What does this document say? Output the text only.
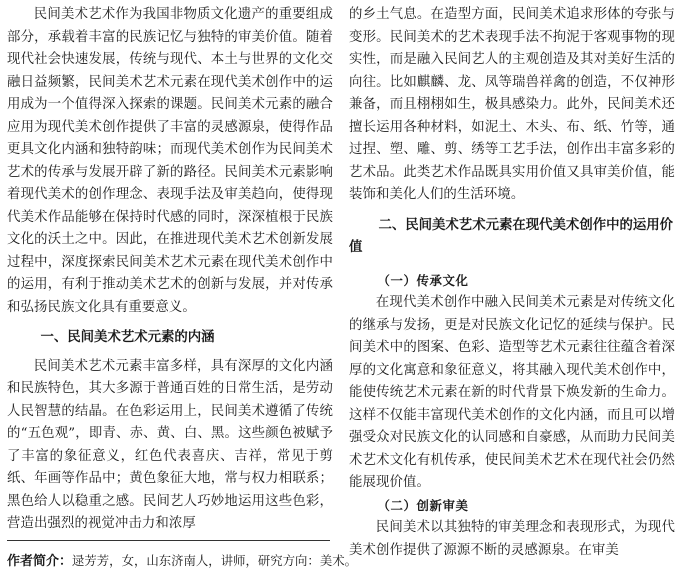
民间美术艺术作为我国非物质文化遗产的重要组成部分，承载着丰富的民族记忆与独特的审美价值。随着现代社会快速发展，传统与现代、本土与世界的文化交融日益频繁，民间美术艺术元素在现代美术创作中的运用成为一个值得深入探索的课题。民间美术元素的融合应用为现代美术创作提供了丰富的灵感源泉，使得作品更具文化内涵和独特韵味；而现代美术创作为民间美术艺术的传承与发展开辟了新的路径。民间美术元素影响着现代美术的创作理念、表现手法及审美趋向，使得现代美术作品能够在保持时代感的同时，深深植根于民族文化的沃土之中。因此，在推进现代美术艺术创新发展过程中，深度探索民间美术艺术元素在现代美术创作中的运用，有利于推动美术艺术的创新与发展，并对传承和弘扬民族文化具有重要意义。

一、民间美术艺术元素的内涵

民间美术艺术元素丰富多样，具有深厚的文化内涵和民族特色，其大多源于普通百姓的日常生活，是劳动人民智慧的结晶。在色彩运用上，民间美术遵循了传统的“五色观”，即青、赤、黄、白、黑。这些颜色被赋予了丰富的象征意义，红色代表喜庆、吉祥，常见于剪纸、年画等作品中；黄色象征大地，常与权力相联系；黑色给人以稳重之感。民间艺人巧妙地运用这些色彩，营造出强烈的视觉冲击力和浓厚

的乡土气息。在造型方面，民间美术追求形体的夸张与变形。民间美术的艺术表现手法不拘泥于客观事物的现实性，而是融入民间艺人的主观创造及其对美好生活的向往。比如麒麟、龙、凤等瑞兽祥禽的创造，不仅神形兼备，而且栩栩如生，极具感染力。此外，民间美术还擅长运用各种材料，如泥土、木头、布、纸、竹等，通过捏、塑、雕、剪、绣等工艺手法，创作出丰富多彩的艺术品。此类艺术作品既具实用价值又具审美价值，能装饰和美化人们的生活环境。

二、民间美术艺术元素在现代美术创作中的运用价值
（一）传承文化

在现代美术创作中融入民间美术元素是对传统文化的继承与发扬，更是对民族文化记忆的延续与保护。民间美术中的图案、色彩、造型等艺术元素往往蕴含着深厚的文化寓意和象征意义，将其融入现代美术创作中，能使传统艺术元素在新的时代背景下焕发新的生命力。这样不仅能丰富现代美术创作的文化内涵，而且可以增强受众对民族文化的认同感和自豪感，从而助力民间美术艺术文化有机传承，使民间美术艺术在现代社会仍然能展现价值。

（二）创新审美

民间美术以其独特的审美理念和表现形式，为现代美术创作提供了源源不断的灵感源泉。在审美

作者简介：逯芳芳，女，山东济南人，讲师，研究方向：美术。
